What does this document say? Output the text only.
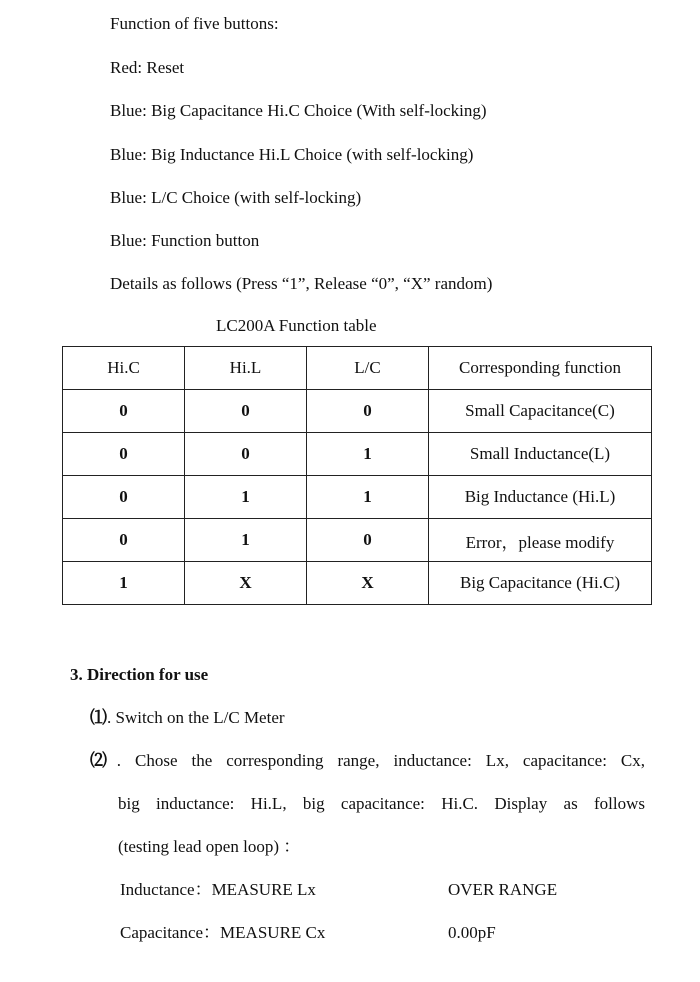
Function of five buttons:
Red: Reset
Blue: Big Capacitance Hi.C Choice (With self-locking)
Blue: Big Inductance Hi.L Choice (with self-locking)
Blue: L/C Choice (with self-locking)
Blue: Function button
Details as follows (Press “1”, Release “0”, “X” random)
LC200A Function table
Hi.C	Hi.L	L/C	Corresponding function
0	0	0	Small Capacitance(C)
0	0	1	Small Inductance(L)
0	1	1	Big Inductance (Hi.L)
0	1	0	Error，please modify
1	X	X	Big Capacitance (Hi.C)
3. Direction for use
⑴. Switch on the L/C Meter
⑵. Chose the corresponding range, inductance: Lx, capacitance: Cx,
big inductance: Hi.L, big capacitance: Hi.C. Display as follows
(testing lead open loop) ：
Inductance：MEASURE Lx	OVER RANGE
Capacitance：MEASURE Cx	0.00pF
